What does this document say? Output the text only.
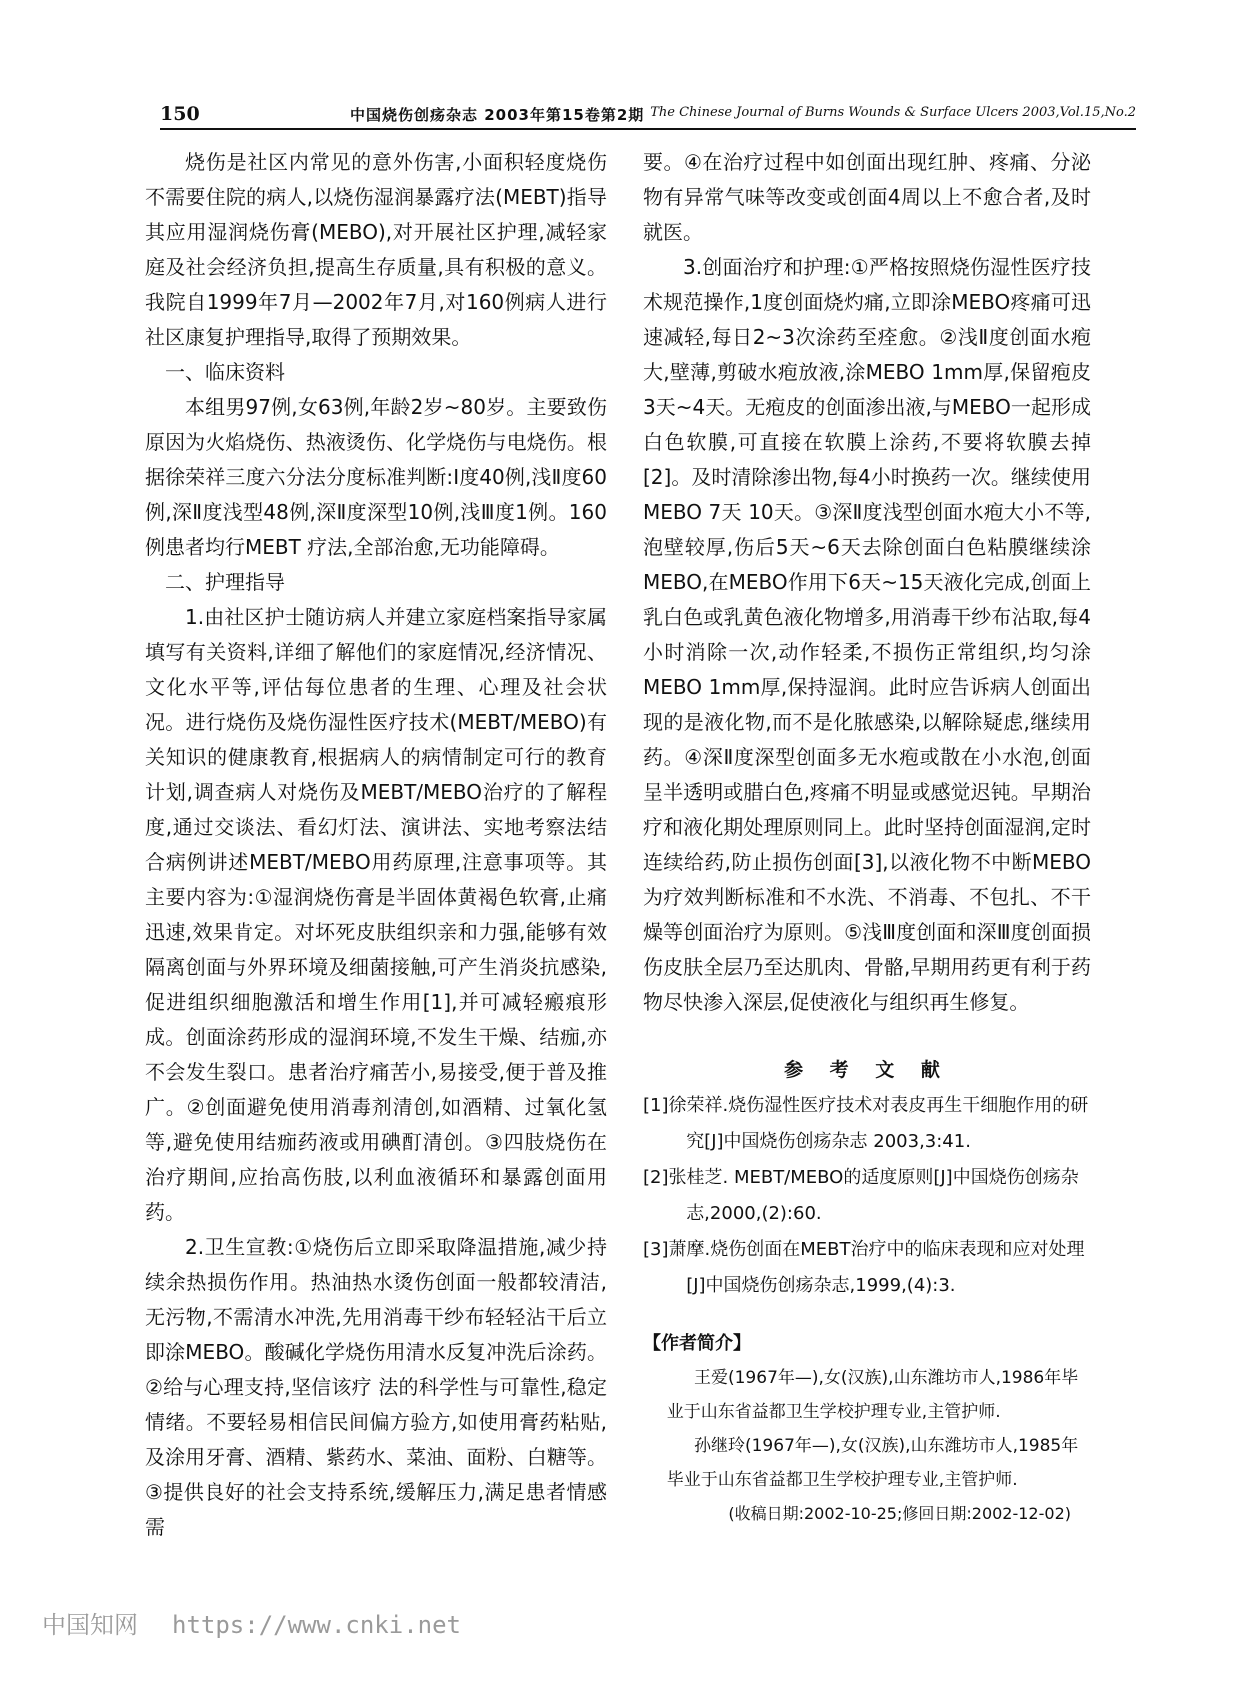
150	中国烧伤创疡杂志 2003年第15卷第2期 The Chinese Journal of Burns Wounds & Surface Ulcers 2003,Vol.15,No.2

烧伤是社区内常见的意外伤害,小面积轻度烧伤不需要住院的病人,以烧伤湿润暴露疗法(MEBT)指导其应用湿润烧伤膏(MEBO),对开展社区护理,减轻家庭及社会经济负担,提高生存质量,具有积极的意义。我院自1999年7月—2002年7月,对160例病人进行社区康复护理指导,取得了预期效果。

一、临床资料

本组男97例,女63例,年龄2岁~80岁。主要致伤原因为火焰烧伤、热液烫伤、化学烧伤与电烧伤。根据徐荣祥三度六分法分度标准判断:Ⅰ度40例,浅Ⅱ度60例,深Ⅱ度浅型48例,深Ⅱ度深型10例,浅Ⅲ度1例。160例患者均行MEBT 疗法,全部治愈,无功能障碍。

二、护理指导

1.由社区护士随访病人并建立家庭档案指导家属填写有关资料,详细了解他们的家庭情况,经济情况、文化水平等,评估每位患者的生理、心理及社会状况。进行烧伤及烧伤湿性医疗技术(MEBT/MEBO)有关知识的健康教育,根据病人的病情制定可行的教育计划,调查病人对烧伤及MEBT/MEBO治疗的了解程度,通过交谈法、看幻灯法、演讲法、实地考察法结合病例讲述MEBT/MEBO用药原理,注意事项等。其主要内容为:①湿润烧伤膏是半固体黄褐色软膏,止痛迅速,效果肯定。对坏死皮肤组织亲和力强,能够有效隔离创面与外界环境及细菌接触,可产生消炎抗感染,促进组织细胞激活和增生作用[1],并可减轻瘢痕形成。创面涂药形成的湿润环境,不发生干燥、结痂,亦不会发生裂口。患者治疗痛苦小,易接受,便于普及推广。②创面避免使用消毒剂清创,如酒精、过氧化氢等,避免使用结痂药液或用碘酊清创。③四肢烧伤在治疗期间,应抬高伤肢,以利血液循环和暴露创面用药。

2.卫生宣教:①烧伤后立即采取降温措施,减少持续余热损伤作用。热油热水烫伤创面一般都较清洁,无污物,不需清水冲洗,先用消毒干纱布轻轻沾干后立即涂MEBO。酸碱化学烧伤用清水反复冲洗后涂药。②给与心理支持,坚信该疗 法的科学性与可靠性,稳定情绪。不要轻易相信民间偏方验方,如使用膏药粘贴,及涂用牙膏、酒精、紫药水、菜油、面粉、白糖等。③提供良好的社会支持系统,缓解压力,满足患者情感需

要。④在治疗过程中如创面出现红肿、疼痛、分泌物有异常气味等改变或创面4周以上不愈合者,及时就医。

3.创面治疗和护理:①严格按照烧伤湿性医疗技术规范操作,1度创面烧灼痛,立即涂MEBO疼痛可迅速减轻,每日2~3次涂药至痊愈。②浅Ⅱ度创面水疱大,壁薄,剪破水疱放液,涂MEBO 1mm厚,保留疱皮3天~4天。无疱皮的创面渗出液,与MEBO一起形成白色软膜,可直接在软膜上涂药,不要将软膜去掉[2]。及时清除渗出物,每4小时换药一次。继续使用MEBO 7天 10天。③深Ⅱ度浅型创面水疱大小不等,泡壁较厚,伤后5天~6天去除创面白色粘膜继续涂MEBO,在MEBO作用下6天~15天液化完成,创面上乳白色或乳黄色液化物增多,用消毒干纱布沾取,每4小时消除一次,动作轻柔,不损伤正常组织,均匀涂MEBO 1mm厚,保持湿润。此时应告诉病人创面出现的是液化物,而不是化脓感染,以解除疑虑,继续用药。④深Ⅱ度深型创面多无水疱或散在小水泡,创面呈半透明或腊白色,疼痛不明显或感觉迟钝。早期治疗和液化期处理原则同上。此时坚持创面湿润,定时连续给药,防止损伤创面[3],以液化物不中断MEBO为疗效判断标准和不水洗、不消毒、不包扎、不干燥等创面治疗为原则。⑤浅Ⅲ度创面和深Ⅲ度创面损伤皮肤全层乃至达肌肉、骨骼,早期用药更有利于药物尽快渗入深层,促使液化与组织再生修复。

参 考 文 献

[1]徐荣祥.烧伤湿性医疗技术对表皮再生干细胞作用的研究[J]中国烧伤创疡杂志 2003,3:41.

[2]张桂芝. MEBT/MEBO的适度原则[J]中国烧伤创疡杂志,2000,(2):60.

[3]萧摩.烧伤创面在MEBT治疗中的临床表现和应对处理[J]中国烧伤创疡杂志,1999,(4):3.

【作者简介】

王爱(1967年—),女(汉族),山东潍坊市人,1986年毕业于山东省益都卫生学校护理专业,主管护师.

孙继玲(1967年—),女(汉族),山东潍坊市人,1985年毕业于山东省益都卫生学校护理专业,主管护师.

(收稿日期:2002-10-25;修回日期:2002-12-02)

中国知网 https://www.cnki.net
